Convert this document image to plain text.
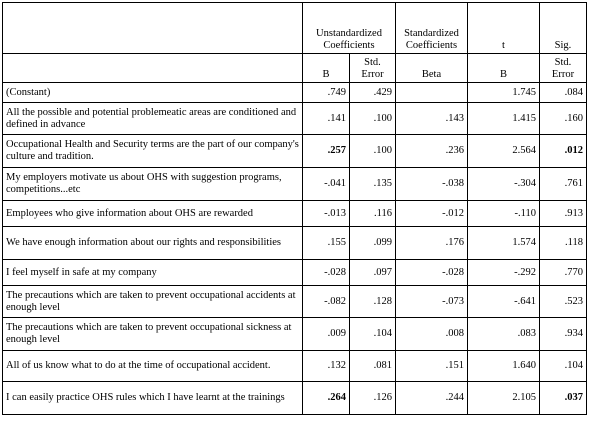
	Unstandardized Coefficients		Standardized Coefficients	t	Sig.
	B	Std. Error	Beta	B	Std. Error
(Constant)	.749	.429		1.745	.084
All the possible and potential problemeatic areas are conditioned and defined in advance	.141	.100	.143	1.415	.160
Occupational Health and Security terms are the part of our company's culture and tradition.	.257	.100	.236	2.564	.012
My employers motivate us about OHS with suggestion programs, competitions...etc	-.041	.135	-.038	-.304	.761
Employees who give information about OHS are rewarded	-.013	.116	-.012	-.110	.913
We have enough information about our rights and responsibilities	.155	.099	.176	1.574	.118
I feel myself in safe at my company	-.028	.097	-.028	-.292	.770
The precautions which are taken to prevent occupational accidents at enough level	-.082	.128	-.073	-.641	.523
The precautions which are taken to prevent occupational sickness at enough level	.009	.104	.008	.083	.934
All of us know what to do at the time of occupational accident.	.132	.081	.151	1.640	.104
I can easily practice OHS rules which I have learnt at the trainings	.264	.126	.244	2.105	.037
